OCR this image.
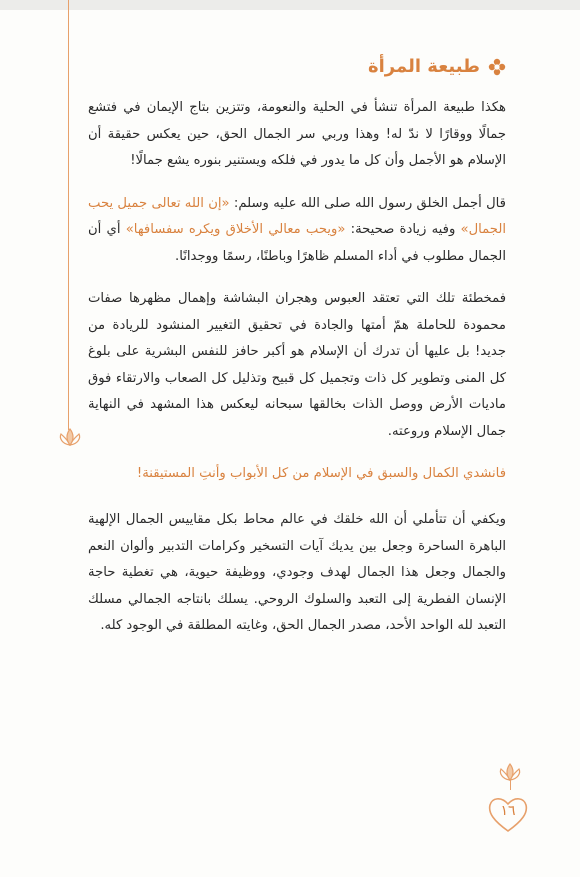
١٦
طبيعة المرأة

هكذا طبيعة المرأة تنشأ في الحلية والنعومة، وتتزين بتاج الإيمان في فتشع جمالًا ووقارًا لا ندّ له! وهذا وربي سر الجمال الحق، حين يعكس حقيقة أن الإسلام هو الأجمل وأن كل ما يدور في فلكه ويستنير بنوره يشع جمالًا!

قال أجمل الخلق رسول الله صلى الله عليه وسلم: «إن الله تعالى جميل يحب الجمال» وفيه زيادة صحيحة: «ويحب معالي الأخلاق ويكره سفسافها» أي أن الجمال مطلوب في أداء المسلم ظاهرًا وباطنًا، رسمًا ووجدانًا.

فمخطئة تلك التي تعتقد العبوس وهجران البشاشة وإهمال مظهرها صفات محمودة للحاملة همّ أمتها والجادة في تحقيق التغيير المنشود للريادة من جديد! بل عليها أن تدرك أن الإسلام هو أكبر حافز للنفس البشرية على بلوغ كل المنى وتطوير كل ذات وتجميل كل قبيح وتذليل كل الصعاب والارتقاء فوق ماديات الأرض ووصل الذات بخالقها سبحانه ليعكس هذا المشهد في النهاية جمال الإسلام وروعته.

فانشدي الكمال والسبق في الإسلام من كل الأبواب وأنتِ المستيقنة!

ويكفي أن تتأملي أن الله خلقك في عالم محاط بكل مقاييس الجمال الإلهية الباهرة الساحرة وجعل بين يديك آيات التسخير وكرامات التدبير وألوان النعم والجمال وجعل هذا الجمال لهدف وجودي، ووظيفة حيوية، هي تغطية حاجة الإنسان الفطرية إلى التعبد والسلوك الروحي. يسلك بانتاجه الجمالي مسلك التعبد لله الواحد الأحد، مصدر الجمال الحق، وغايته المطلقة في الوجود كله.
